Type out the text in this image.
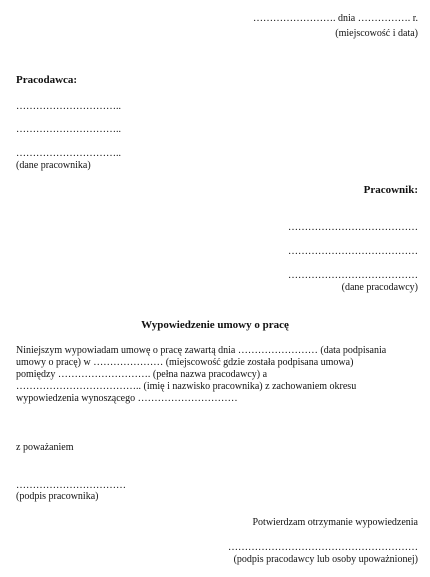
……………………. dnia ……………. r.
(miejscowość i data)
Pracodawca:
…………………………..
…………………………..
…………………………..
(dane pracownika)
Pracownik:
…………………………………
…………………………………
…………………………………
(dane pracodawcy)
Wypowiedzenie umowy o pracę
Niniejszym wypowiadam umowę o pracę zawartą dnia …………………… (data podpisania
umowy o pracę) w ………………… (miejscowość gdzie została podpisana umowa)
pomiędzy ………………………. (pełna nazwa pracodawcy) a
……………………………….. (imię i nazwisko pracownika) z zachowaniem okresu
wypowiedzenia wynoszącego …………………………
z poważaniem
……………………………
(podpis pracownika)
Potwierdzam otrzymanie wypowiedzenia
…………………………………………………
(podpis pracodawcy lub osoby upoważnionej)
